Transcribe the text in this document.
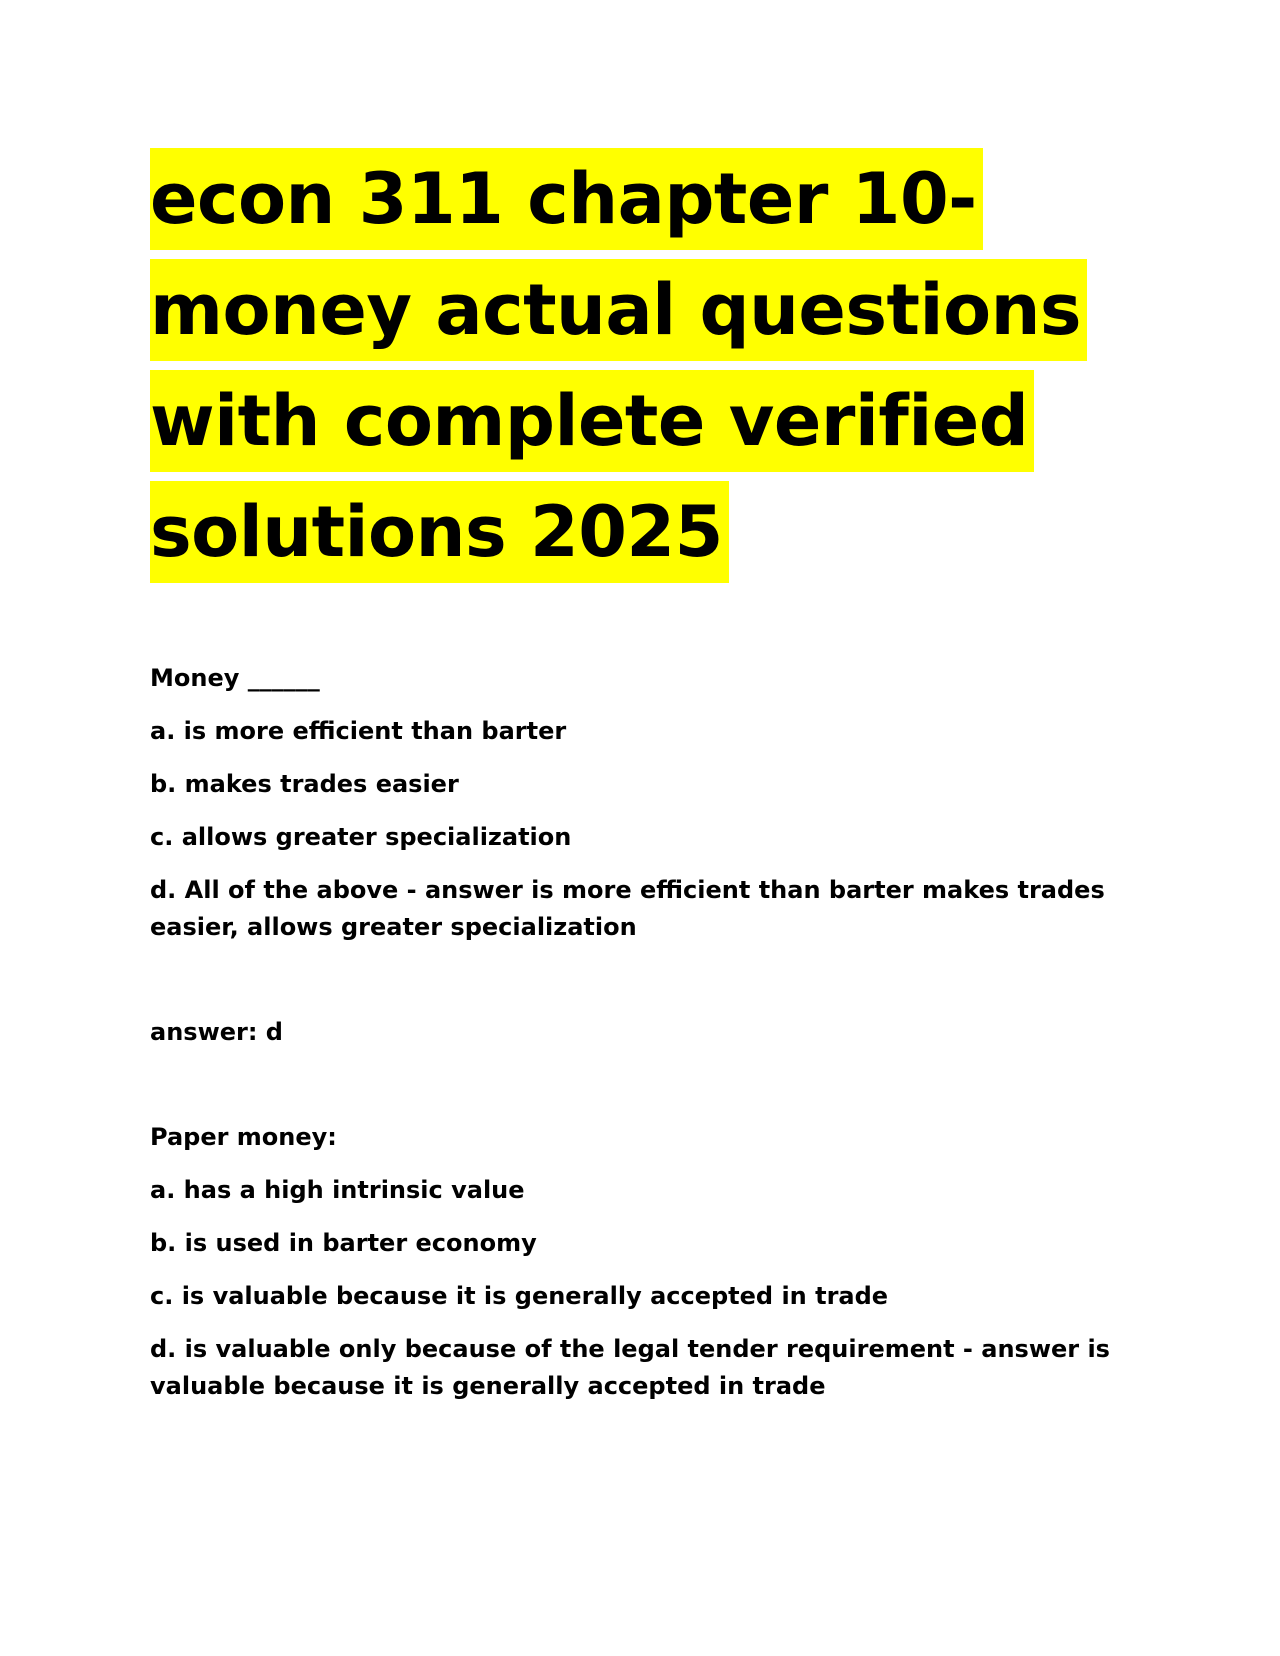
econ 311 chapter 10-
money actual questions
with complete verified
solutions 2025
Money ______
a. is more efficient than barter
b. makes trades easier
c. allows greater specialization
d. All of the above - answer is more efficient than barter makes trades easier, allows greater specialization
answer: d
Paper money:
a. has a high intrinsic value
b. is used in barter economy
c. is valuable because it is generally accepted in trade
d. is valuable only because of the legal tender requirement - answer is valuable because it is generally accepted in trade
